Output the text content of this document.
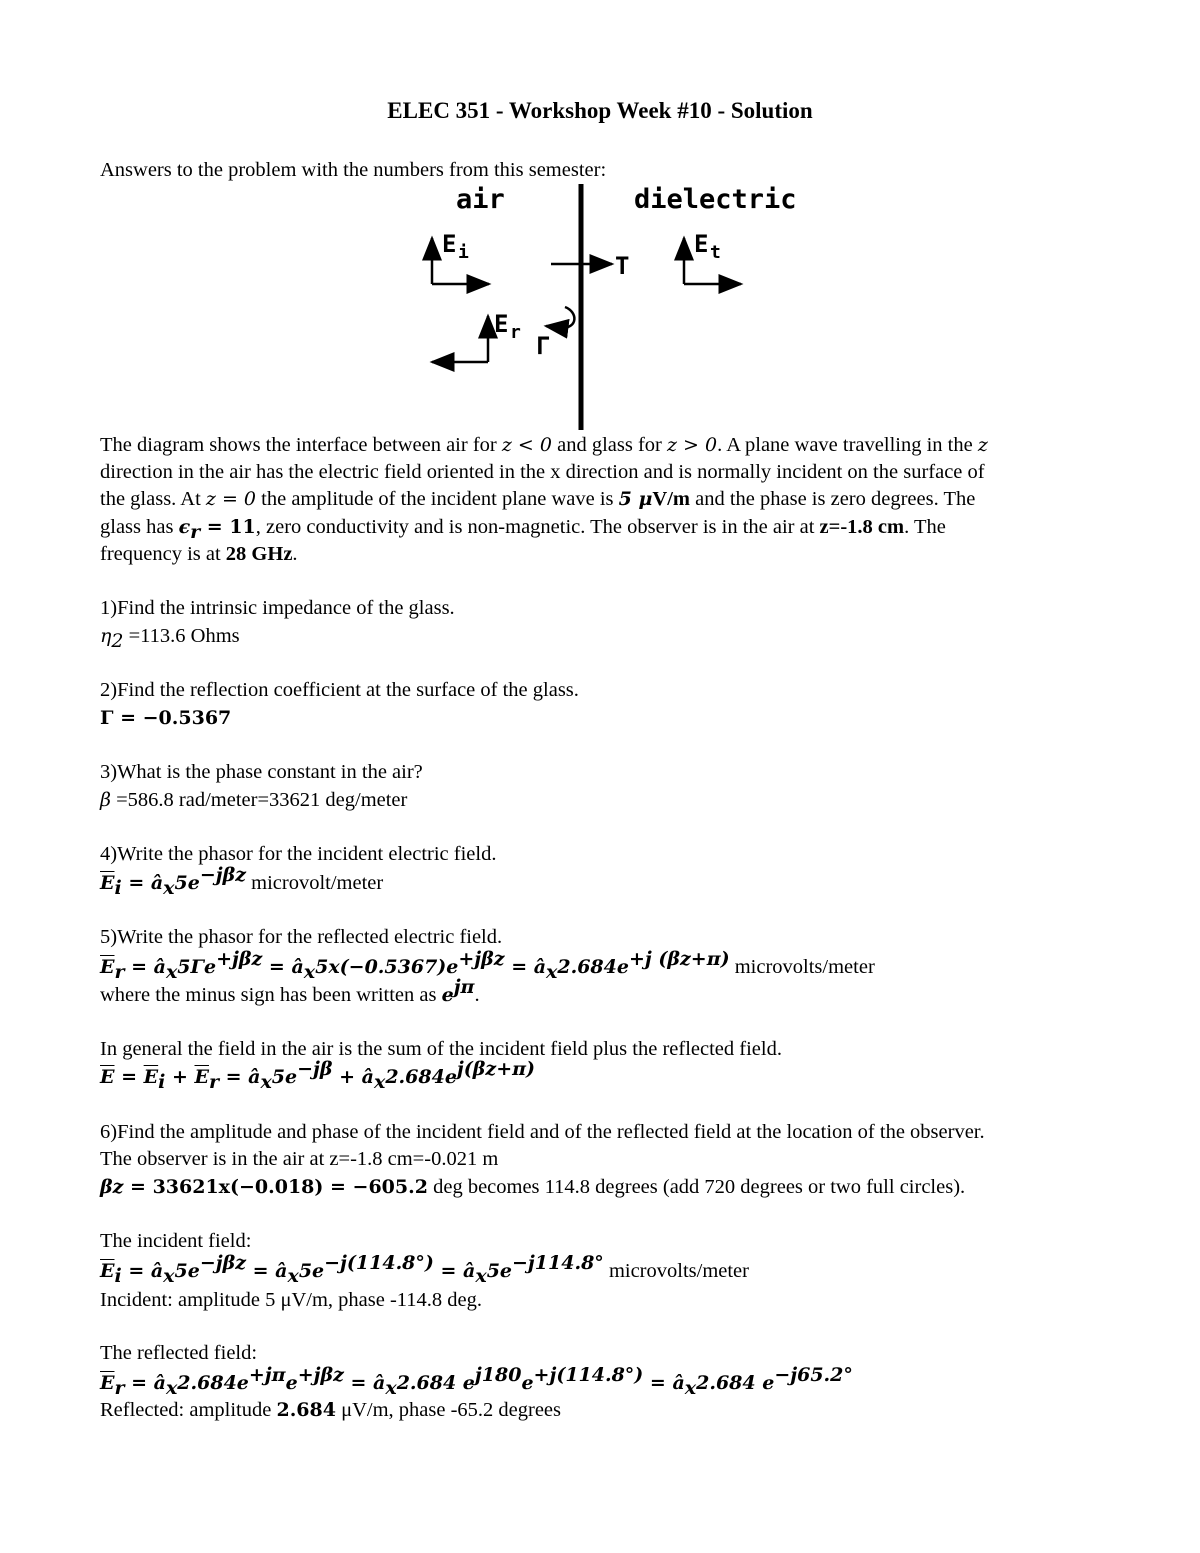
ELEC 351 - Workshop Week #10 - Solution
Answers to the problem with the numbers from this semester:
air	dielectric
E i	T
E t
E r Γ
The diagram shows the interface between air for z < 0 and glass for z > 0. A plane wave travelling in the z
direction in the air has the electric field oriented in the x direction and is normally incident on the surface of
the glass. At z = 0 the amplitude of the incident plane wave is 5 μV/m and the phase is zero degrees. The
glass has $\epsilon_r = 11$, zero conductivity and is non-magnetic. The observer is in the air at z=-1.8 cm. The
frequency is at 28 GHz.
1)Find the intrinsic impedance of the glass.
$\eta_2 =113.6$ Ohms
2)Find the reflection coefficient at the surface of the glass.
Γ = −0.5367
3)What is the phase constant in the air?
β =586.8 rad/meter=33621 deg/meter
4)Write the phasor for the incident electric field.
$\overline{E}_i$ = $â_x5e^{-j\beta z}$ microvolt/meter
5)Write the phasor for the reflected electric field.
$\overline{E}_r$ = $â_x5\Gamma e^{+j\beta z}$ = $â_x5x(-0.5367)e^{+j\beta z}$ = $â_x2.684e^{+j (\beta z+\pi)}$ microvolts/meter
where the minus sign has been written as $e^{j\pi}$.
In general the field in the air is the sum of the incident field plus the reflected field.
$\overline{E} = \overline{E}_i + \overline{E}_r$ = $â_x5e^{-j\beta}$ + $â_x2.684e^{j(\beta z+\pi)}$
6)Find the amplitude and phase of the incident field and of the reflected field at the location of the observer.
The observer is in the air at z=-1.8 cm=-0.021 m
βz = 33621x(−0.018) = −605.2 deg becomes 114.8 degrees (add 720 degrees or two full circles).
The incident field:
$\overline{E}_i$ = $â_x5e^{-j\beta z}$ = $â_x5e^{-j(114.8^\circ)}$ = $â_x5e^{-j114.8^\circ}$ microvolts/meter
Incident: amplitude 5 μV/m, phase -114.8 deg.
The reflected field:
$\overline{E}_r$ = $â_x2.684e^{+j\pi}e^{+j\beta z}$ = $â_x2.684$ $e^{j180}e^{+j(114.8^\circ)}$ = $â_x2.684$ $e^{-j65.2^\circ}$
Reflected: amplitude 2.684 μV/m, phase -65.2 degrees
